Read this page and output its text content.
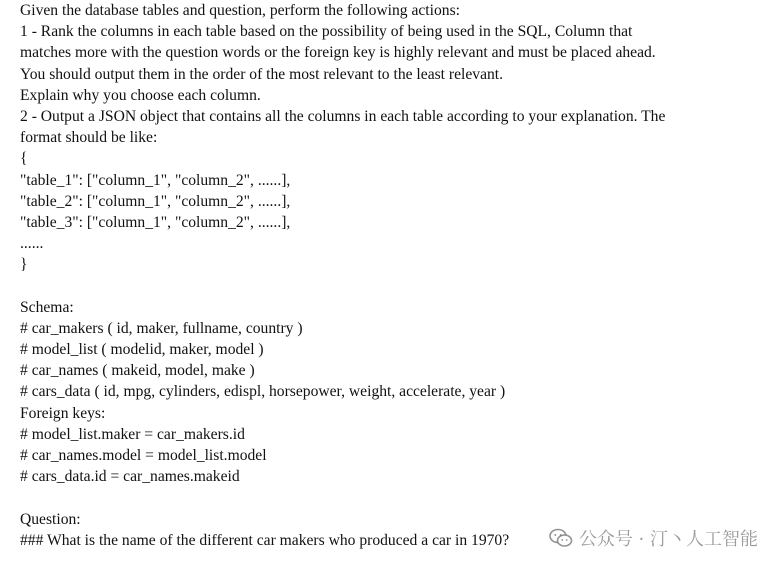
Given the database tables and question, perform the following actions:
1 - Rank the columns in each table based on the possibility of being used in the SQL, Column that
matches more with the question words or the foreign key is highly relevant and must be placed ahead.
You should output them in the order of the most relevant to the least relevant.
Explain why you choose each column.
2 - Output a JSON object that contains all the columns in each table according to your explanation. The
format should be like:
{
"table_1": ["column_1", "column_2", ......],
"table_2": ["column_1", "column_2", ......],
"table_3": ["column_1", "column_2", ......],
......
}
Schema:
# car_makers ( id, maker, fullname, country )
# model_list ( modelid, maker, model )
# car_names ( makeid, model, make )
# cars_data ( id, mpg, cylinders, edispl, horsepower, weight, accelerate, year )
Foreign keys:
# model_list.maker = car_makers.id
# car_names.model = model_list.model
# cars_data.id = car_names.makeid
Question:
### What is the name of the different car makers who produced a car in 1970?	公众号 · 汀丶人工智能
